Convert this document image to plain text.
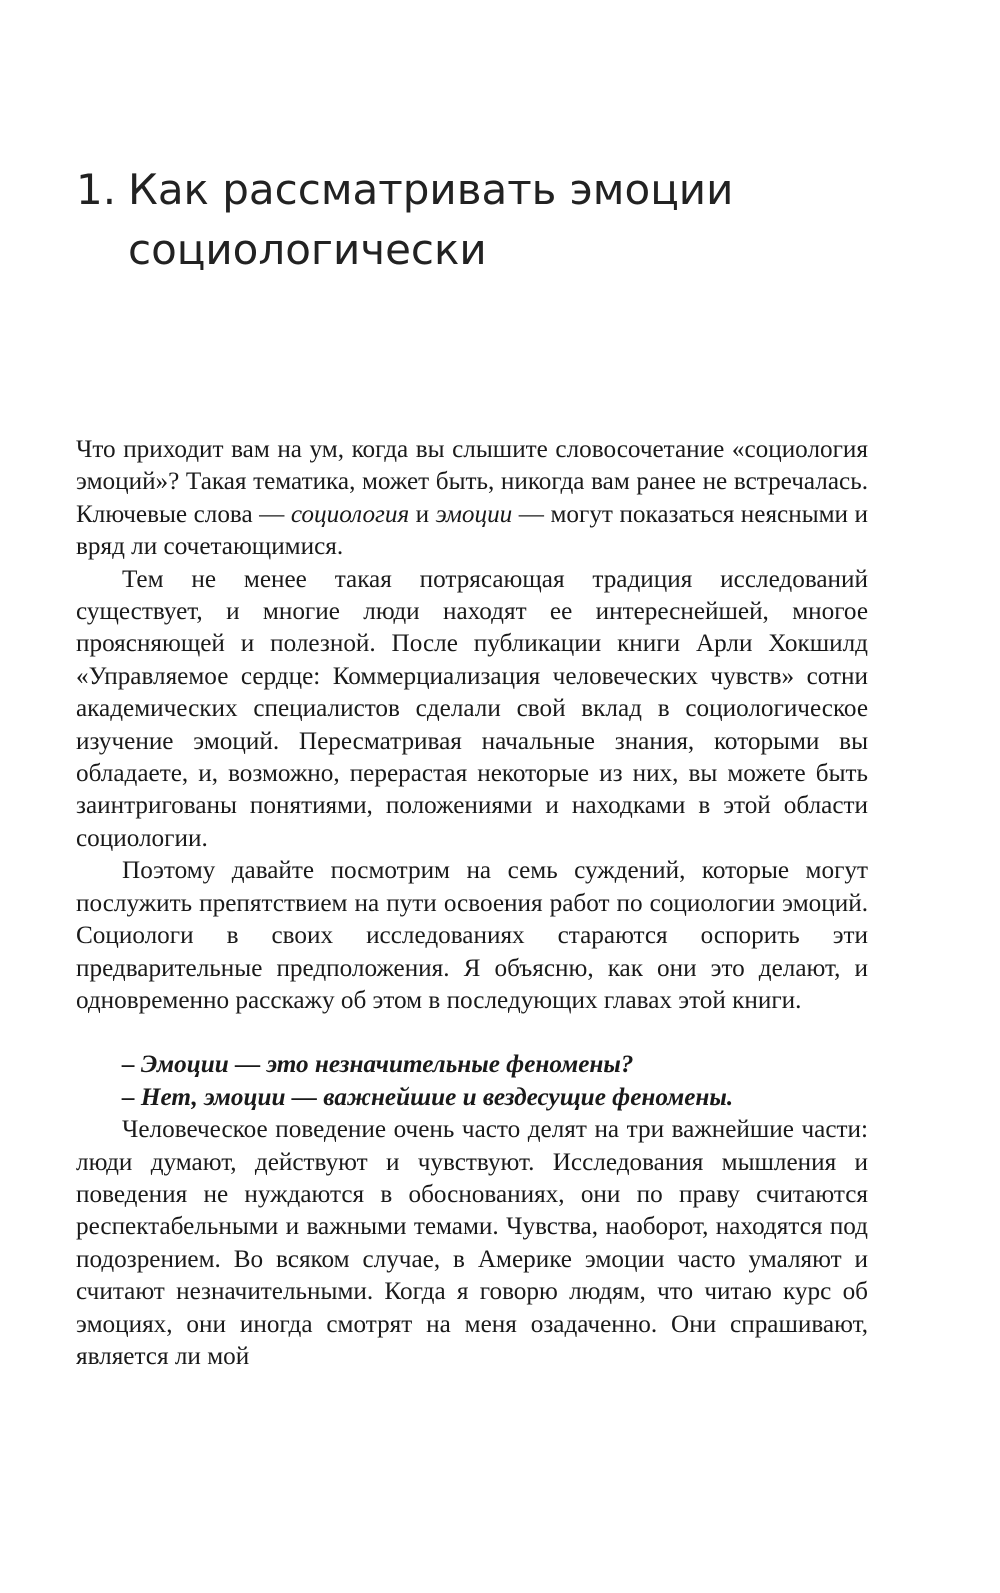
1. Как рассматривать эмоции
социологически

Что приходит вам на ум, когда вы слышите словосочетание «социология эмоций»? Такая тематика, может быть, никогда вам ранее не встречалась. Ключевые слова — социология и эмоции — могут показаться неясными и вряд ли сочетающимися.

Тем не менее такая потрясающая традиция исследований существует, и многие люди находят ее интереснейшей, многое проясняющей и полезной. После публикации книги Арли Хокшилд «Управляемое сердце: Коммерциализация человеческих чувств» сотни академических специалистов сделали свой вклад в социологическое изучение эмоций. Пересматривая начальные знания, которыми вы обладаете, и, возможно, перерастая некоторые из них, вы можете быть заинтригованы понятиями, положениями и находками в этой области социологии.

Поэтому давайте посмотрим на семь суждений, которые могут послужить препятствием на пути освоения работ по социологии эмоций. Социологи в своих исследованиях стараются оспорить эти предварительные предположения. Я объясню, как они это делают, и одновременно расскажу об этом в последующих главах этой книги.

– Эмоции — это незначительные феномены?

– Нет, эмоции — важнейшие и вездесущие феномены.

Человеческое поведение очень часто делят на три важнейшие части: люди думают, действуют и чувствуют. Исследования мышления и поведения не нуждаются в обоснованиях, они по праву считаются респектабельными и важными темами. Чувства, наоборот, находятся под подозрением. Во всяком случае, в Америке эмоции часто умаляют и считают незначительными. Когда я говорю людям, что читаю курс об эмоциях, они иногда смотрят на меня озадаченно. Они спрашивают, является ли мой
